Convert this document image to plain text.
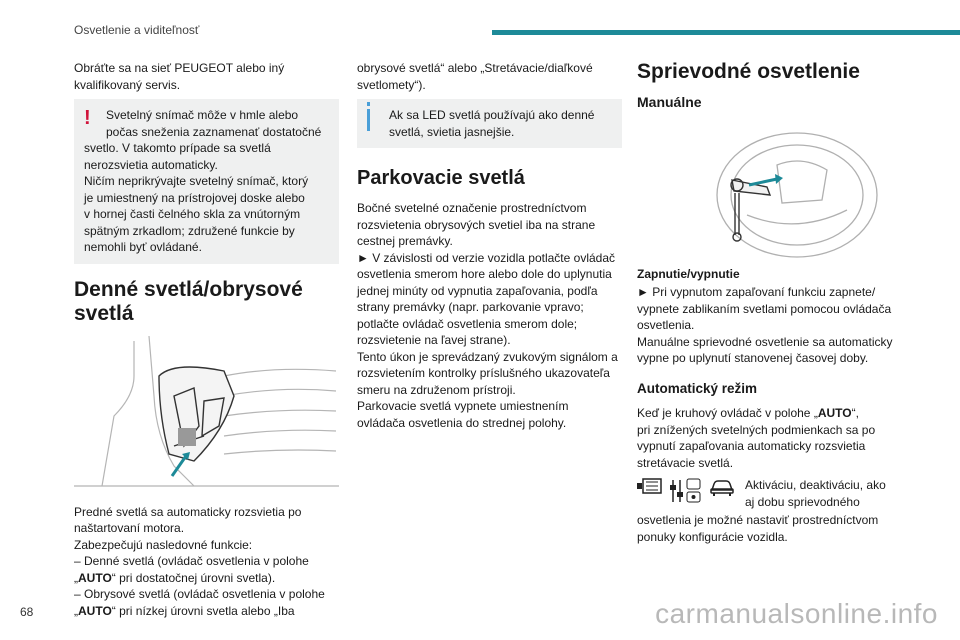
Osvetlenie a viditeľnosť

Obráťte sa na sieť PEUGEOT alebo iný
kvalifikovaný servis.

! Svetelný snímač môže v hmle alebo
počas sneženia zaznamenať dostatočné
svetlo. V takomto prípade sa svetlá
nerozsvietia automaticky.
Ničím neprikrývajte svetelný snímač, ktorý
je umiestnený na prístrojovej doske alebo
v hornej časti čelného skla za vnútorným
spätným zrkadlom; združené funkcie by
nemohli byť ovládané.
Denné svetlá/obrysové
svetlá

Predné svetlá sa automaticky rozsvietia po
naštartovaní motora.
Zabezpečujú nasledovné funkcie:
– Denné svetlá (ovládač osvetlenia v polohe
„AUTO“ pri dostatočnej úrovni svetla).
– Obrysové svetlá (ovládač osvetlenia v polohe
„AUTO“ pri nízkej úrovni svetla alebo „Iba

obrysové svetlá“ alebo „Stretávacie/diaľkové
svetlomety“).

Ak sa LED svetlá používajú ako denné
svetlá, svietia jasnejšie.
Parkovacie svetlá

Bočné svetelné označenie prostredníctvom
rozsvietenia obrysových svetiel iba na strane
cestnej premávky.
► V závislosti od verzie vozidla potlačte ovládač
osvetlenia smerom hore alebo dole do uplynutia
jednej minúty od vypnutia zapaľovania, podľa
strany premávky (napr. parkovanie vpravo;
potlačte ovládač osvetlenia smerom dole;
rozsvietenie na ľavej strane).
Tento úkon je sprevádzaný zvukovým signálom a
rozsvietením kontrolky príslušného ukazovateľa
smeru na združenom prístroji.
Parkovacie svetlá vypnete umiestnením
ovládača osvetlenia do strednej polohy.

Sprievodné osvetlenie
Manuálne
Zapnutie/vypnutie

► Pri vypnutom zapaľovaní funkciu zapnete/
vypnete zablikaním svetlami pomocou ovládača
osvetlenia.
Manuálne sprievodné osvetlenie sa automaticky
vypne po uplynutí stanovenej časovej doby.

Automatický režim

Keď je kruhový ovládač v polohe „AUTO“,
pri znížených svetelných podmienkach sa po
vypnutí zapaľovania automaticky rozsvietia
stretávacie svetlá.

Aktiváciu, deaktiváciu, ako
aj dobu sprievodného

osvetlenia je možné nastaviť prostredníctvom
ponuky konfigurácie vozidla.

68	carmanualsonline.info
